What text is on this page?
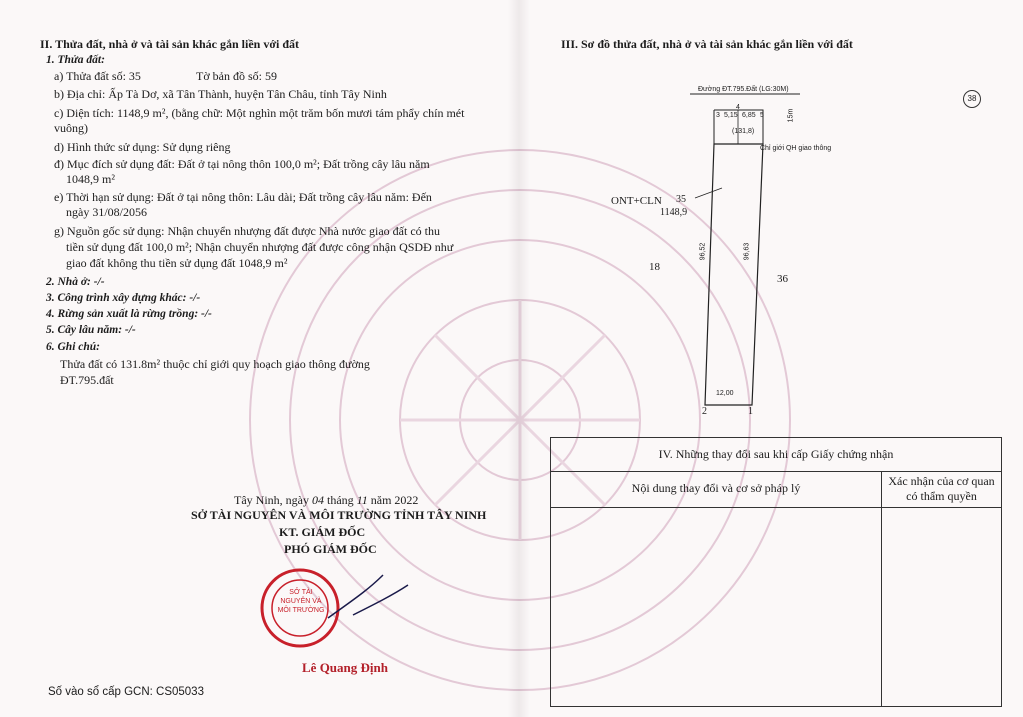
II. Thửa đất, nhà ở và tài sản khác gắn liền với đất
1. Thửa đất:
a) Thửa đất số: 35	Tờ bản đồ số: 59
b) Địa chỉ: Ấp Tà Dơ, xã Tân Thành, huyện Tân Châu, tỉnh Tây Ninh
c) Diện tích: 1148,9 m², (bằng chữ: Một nghìn một trăm bốn mươi tám phẩy chín mét
vuông)
d) Hình thức sử dụng: Sử dụng riêng
đ) Mục đích sử dụng đất: Đất ở tại nông thôn 100,0 m²; Đất trồng cây lâu năm
1048,9 m²
e) Thời hạn sử dụng: Đất ở tại nông thôn: Lâu dài; Đất trồng cây lâu năm: Đến
ngày 31/08/2056
g) Nguồn gốc sử dụng: Nhận chuyển nhượng đất được Nhà nước giao đất có thu
tiền sử dụng đất 100,0 m²; Nhận chuyển nhượng đất được công nhận QSDĐ như
giao đất không thu tiền sử dụng đất 1048,9 m²
2. Nhà ở: -/-
3. Công trình xây dựng khác: -/-
4. Rừng sản xuất là rừng trồng: -/-
5. Cây lâu năm: -/-
6. Ghi chú:
Thửa đất có 131.8m² thuộc chỉ giới quy hoạch giao thông đường
ĐT.795.đất
Tây Ninh, ngày 04 tháng 11 năm 2022
SỞ TÀI NGUYÊN VÀ MÔI TRƯỜNG TỈNH TÂY NINH
KT. GIÁM ĐỐC
PHÓ GIÁM ĐỐC
SỞ TÀI NGUYÊN VÀ MÔI TRƯỜNG
Lê Quang Định
Số vào sổ cấp GCN: CS05033
III. Sơ đồ thửa đất, nhà ở và tài sản khác gắn liền với đất
Đường ĐT.795.Đất (LG:30M)
4
3 5,15 6,85 5	15m
(131,8)
Chỉ giới QH giao thông
ONT+CLN 35
1148,9
96,52	96,63
18
36
12,00
2	1
38
IV. Những thay đổi sau khi cấp Giấy chứng nhận
Nội dung thay đổi và cơ sở pháp lý	Xác nhận của cơ quan có thẩm quyền
